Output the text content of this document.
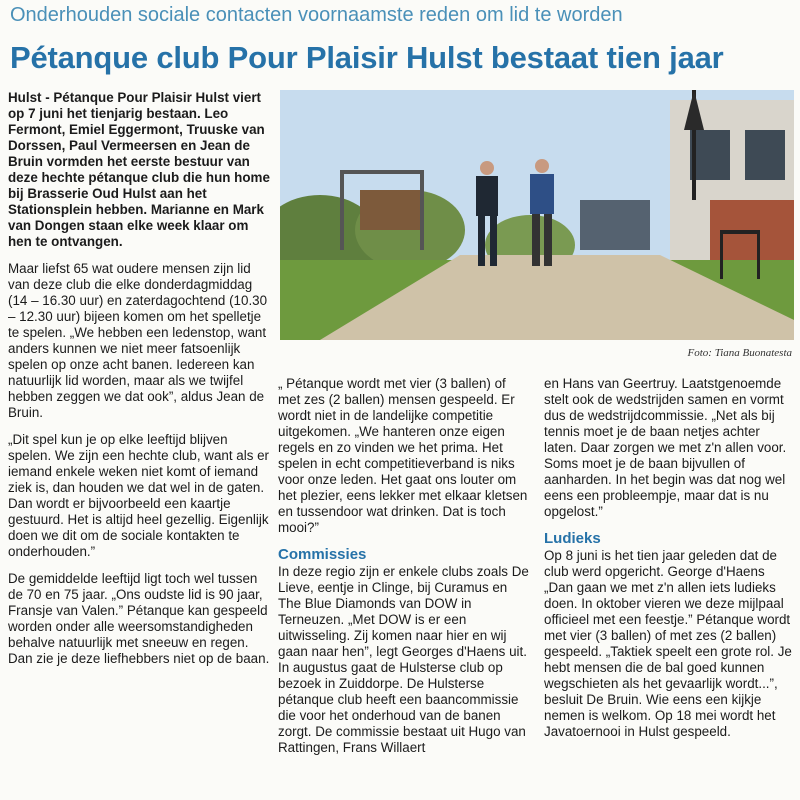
Onderhouden sociale contacten voornaamste reden om lid te worden
Pétanque club Pour Plaisir Hulst bestaat tien jaar

Hulst - Pétanque Pour Plaisir Hulst viert op 7 juni het tienjarig bestaan. Leo Fermont, Emiel Eggermont, Truuske van Dorssen, Paul Vermeersen en Jean de Bruin vormden het eerste bestuur van deze hechte pétanque club die hun home bij Brasserie Oud Hulst aan het Stationsplein hebben. Marianne en Mark van Dongen staan elke week klaar om hen te ontvangen.

Maar liefst 65 wat oudere mensen zijn lid van deze club die elke donderdagmiddag (14 – 16.30 uur) en zaterdagochtend (10.30 – 12.30 uur) bijeen komen om het spelletje te spelen. „We hebben een ledenstop, want anders kunnen we niet meer fatsoenlijk spelen op onze acht banen. Iedereen kan natuurlijk lid worden, maar als we twijfel hebben zeggen we dat ook”, aldus Jean de Bruin.

„Dit spel kun je op elke leeftijd blijven spelen. We zijn een hechte club, want als er iemand enkele weken niet komt of iemand ziek is, dan houden we dat wel in de gaten. Dan wordt er bijvoorbeeld een kaartje gestuurd. Het is altijd heel gezellig. Eigenlijk doen we dit om de sociale kontakten te onderhouden.”

De gemiddelde leeftijd ligt toch wel tussen de 70 en 75 jaar. „Ons oudste lid is 90 jaar, Fransje van Valen.” Pétanque kan gespeeld worden onder alle weersomstandigheden behalve natuurlijk met sneeuw en regen. Dan zie je deze liefhebbers niet op de baan.

Foto: Tiana Buonatesta

„ Pétanque wordt met vier (3 ballen) of met zes (2 ballen) mensen gespeeld. Er wordt niet in de landelijke competitie uitgekomen. „We hanteren onze eigen regels en zo vinden we het prima. Het spelen in echt competitieverband is niks voor onze leden. Het gaat ons louter om het plezier, eens lekker met elkaar kletsen en tussendoor wat drinken. Dat is toch mooi?”

Commissies

In deze regio zijn er enkele clubs zoals De Lieve, eentje in Clinge, bij Curamus en The Blue Diamonds van DOW in Terneuzen. „Met DOW is er een uitwisseling. Zij komen naar hier en wij gaan naar hen”, legt Georges d'Haens uit. In augustus gaat de Hulsterse club op bezoek in Zuiddorpe. De Hulsterse pétanque club heeft een baancommissie die voor het onderhoud van de banen zorgt. De commissie bestaat uit Hugo van Rattingen, Frans Willaert

en Hans van Geertruy. Laatstgenoemde stelt ook de wedstrijden samen en vormt dus de wedstrijdcommissie. „Net als bij tennis moet je de baan netjes achter laten. Daar zorgen we met z'n allen voor. Soms moet je de baan bijvullen of aanharden. In het begin was dat nog wel eens een probleempje, maar dat is nu opgelost.”

Ludieks

Op 8 juni is het tien jaar geleden dat de club werd opgericht. George d'Haens „Dan gaan we met z'n allen iets ludieks doen. In oktober vieren we deze mijlpaal officieel met een feestje.” Pétanque wordt met vier (3 ballen) of met zes (2 ballen) gespeeld. „Taktiek speelt een grote rol. Je hebt mensen die de bal goed kunnen wegschieten als het gevaarlijk wordt...”, besluit De Bruin. Wie eens een kijkje nemen is welkom. Op 18 mei wordt het Javatoernooi in Hulst gespeeld.
